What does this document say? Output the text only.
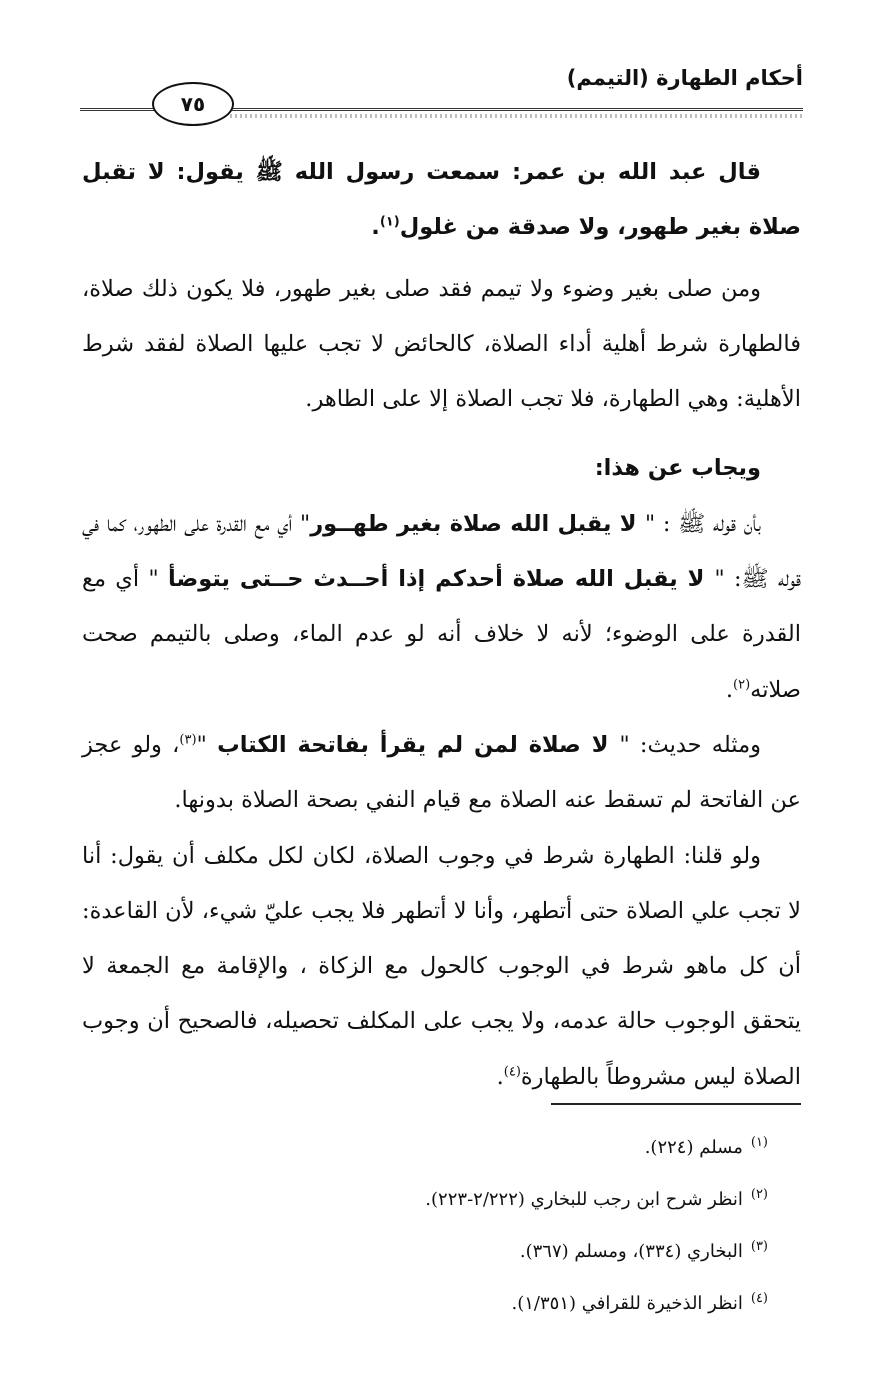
أحكام الطهارة (التيمم)
٧٥

قال عبد الله بن عمر: سمعت رسول الله ﷺ يقول: لا تقبل صلاة بغير طهور، ولا صدقة من غلول$^{(١)}$.

ومن صلى بغير وضوء ولا تيمم فقد صلى بغير طهور، فلا يكون ذلك صلاة، فالطهارة شرط أهلية أداء الصلاة، كالحائض لا تجب عليها الصلاة لفقد شرط الأهلية: وهي الطهارة، فلا تجب الصلاة إلا على الطاهر.

ويجاب عن هذا:

بأن قوله ﷺ : " لا يقبل الله صلاة بغير طهــور" أي مع القدرة على الطهور، كما في قوله ﷺ: " لا يقبل الله صلاة أحدكم إذا أحــدث حــتى يتوضأ " أي مع القدرة على الوضوء؛ لأنه لا خلاف أنه لو عدم الماء، وصلى بالتيمم صحت صلاته$^{(٢)}$.

ومثله حديث: " لا صلاة لمن لم يقرأ بفاتحة الكتاب "$^{(٣)}$، ولو عجز عن الفاتحة لم تسقط عنه الصلاة مع قيام النفي بصحة الصلاة بدونها.

ولو قلنا: الطهارة شرط في وجوب الصلاة، لكان لكل مكلف أن يقول: أنا لا تجب علي الصلاة حتى أتطهر، وأنا لا أتطهر فلا يجب عليّ شيء، لأن القاعدة: أن كل ماهو شرط في الوجوب كالحول مع الزكاة ، والإقامة مع الجمعة لا يتحقق الوجوب حالة عدمه، ولا يجب على المكلف تحصيله، فالصحيح أن وجوب الصلاة ليس مشروطاً بالطهارة$^{(٤)}$.

$^{(١)}$مسلم (٢٢٤).

$^{(٢)}$انظر شرح ابن رجب للبخاري (٢/٢٢٢-٢٢٣).

$^{(٣)}$البخاري (٣٣٤)، ومسلم (٣٦٧).

$^{(٤)}$انظر الذخيرة للقرافي (١/٣٥١).
